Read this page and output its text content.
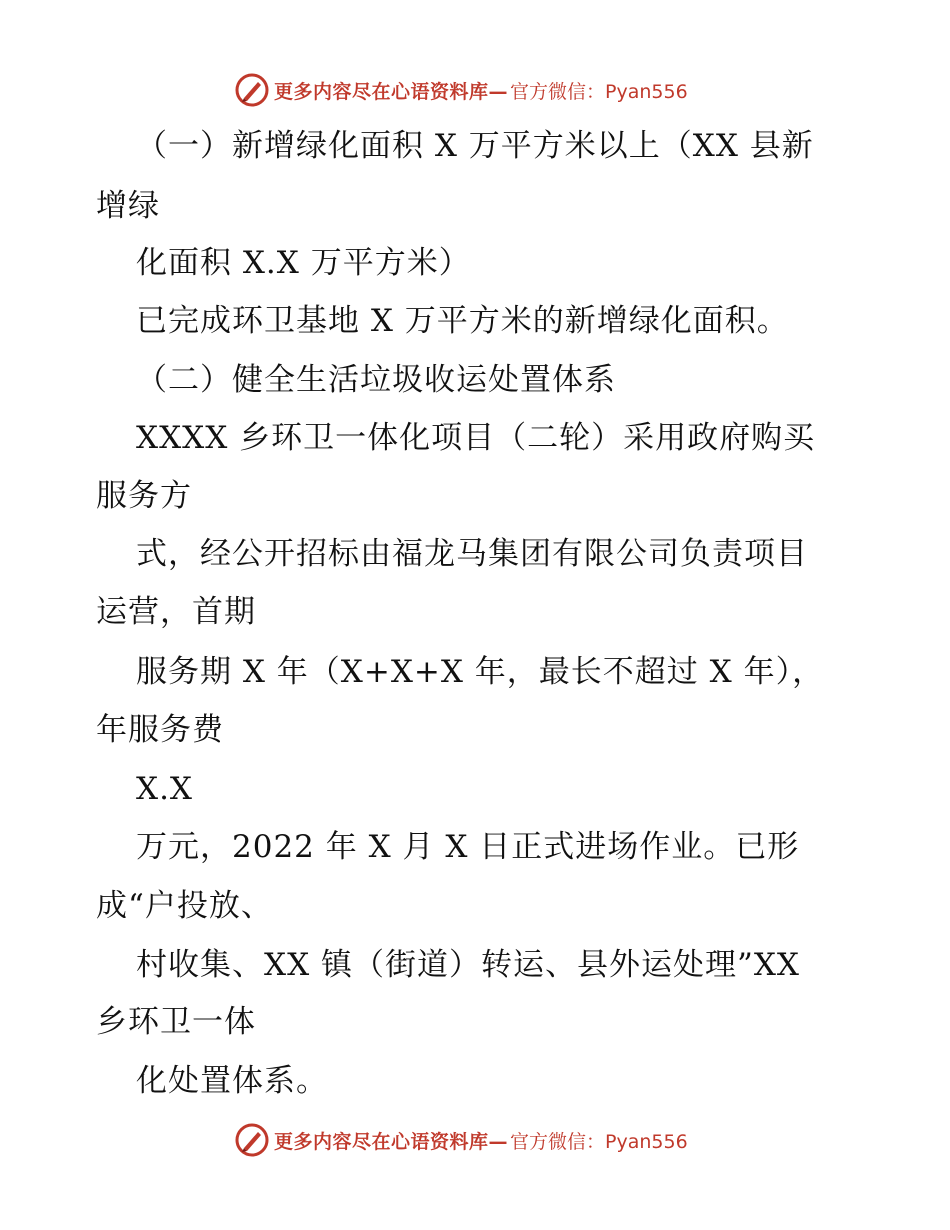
更多内容尽在心语资料库— 官方微信：Pyan556
（一）新增绿化面积 X 万平方米以上（XX 县新
增绿
化面积 X.X 万平方米）
已完成环卫基地 X 万平方米的新增绿化面积。
（二）健全生活垃圾收运处置体系
XXXX 乡环卫一体化项目（二轮）采用政府购买
服务方
式，经公开招标由福龙马集团有限公司负责项目
运营，首期
服务期 X 年（X+X+X 年，最长不超过 X 年），
年服务费
X.X
万元，2022 年 X 月 X 日正式进场作业。已形
成“户投放、
村收集、XX 镇（街道）转运、县外运处理”XX
乡环卫一体
化处置体系。
更多内容尽在心语资料库— 官方微信：Pyan556
